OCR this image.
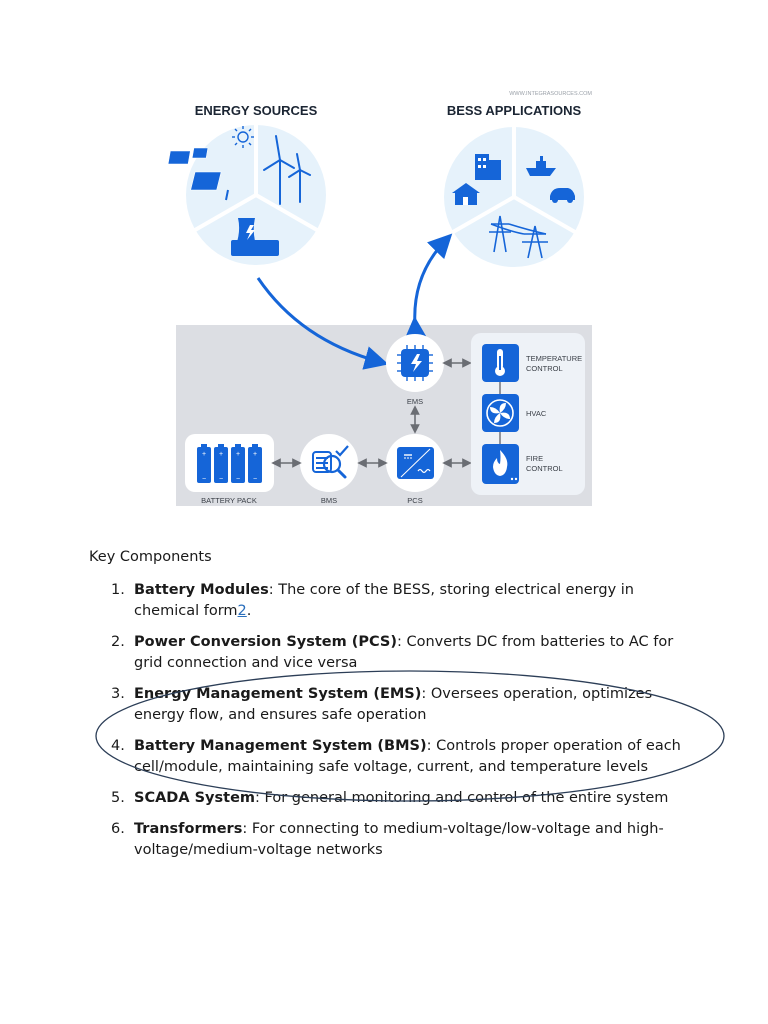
WWW.INTEGRASOURCES.COM
ENERGY SOURCES	BESS APPLICATIONS
EMS
PCS
BMS
+ + + +
− − − −
BATTERY PACK
TEMPERATURE
CONTROL
HVAC
FIRE
CONTROL
Key Components
1. Battery Modules: The core of the BESS, storing electrical energy in chemical form2.
2. Power Conversion System (PCS): Converts DC from batteries to AC for grid connection and vice versa
3. Energy Management System (EMS): Oversees operation, optimizes energy flow, and ensures safe operation
4. Battery Management System (BMS): Controls proper operation of each cell/module, maintaining safe voltage, current, and temperature levels
5. SCADA System: For general monitoring and control of the entire system
6. Transformers: For connecting to medium-voltage/low-voltage and high-voltage/medium-voltage networks
